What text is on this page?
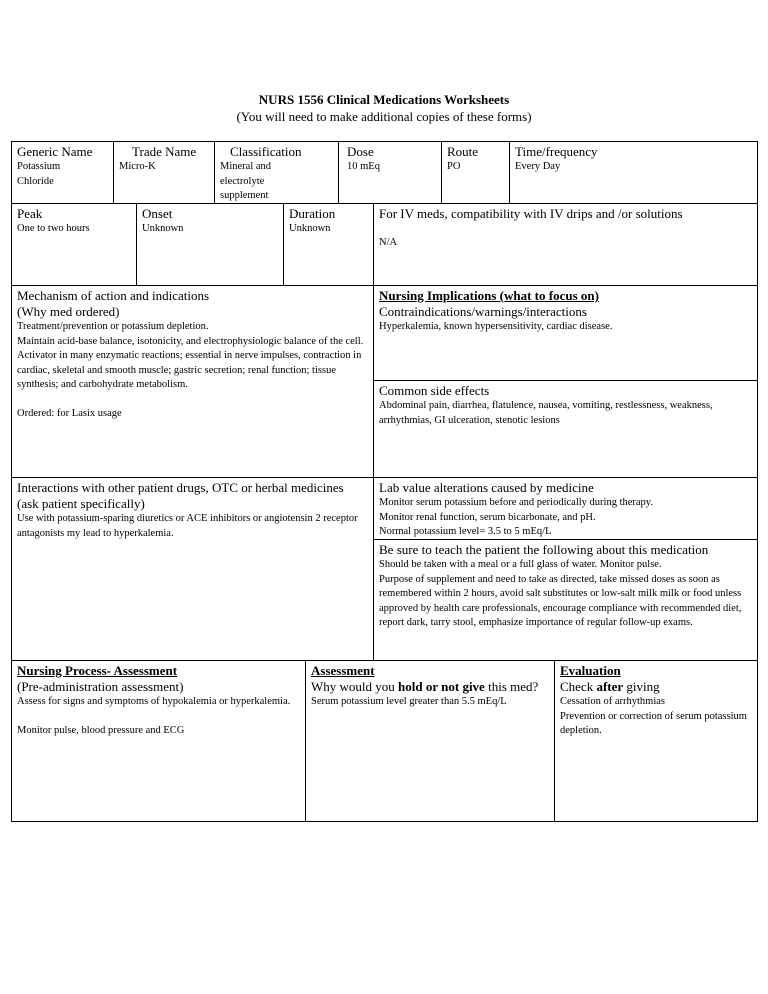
NURS 1556 Clinical Medications Worksheets
(You will need to make additional copies of these forms)
Generic Name
Potassium
Chloride
Trade Name
Micro-K
Classification
Mineral and
electrolyte
supplement
Dose
10 mEq
Route
PO
Time/frequency
Every Day
Peak
One to two hours
Onset
Unknown
Duration
Unknown
For IV meds, compatibility with IV drips and /or solutions
N/A
Mechanism of action and indications
(Why med ordered)
Treatment/prevention or potassium depletion.
Maintain acid-base balance, isotonicity, and electrophysiologic balance of the cell. Activator in many enzymatic reactions; essential in nerve impulses, contraction in cardiac, skeletal and smooth muscle; gastric secretion; renal function; tissue synthesis; and carbohydrate metabolism.
Ordered: for Lasix usage
Nursing Implications (what to focus on)
Contraindications/warnings/interactions
Hyperkalemia, known hypersensitivity, cardiac disease.
Common side effects
Abdominal pain, diarrhea, flatulence, nausea, vomiting, restlessness, weakness, arrhythmias, GI ulceration, stenotic lesions
Interactions with other patient drugs, OTC or herbal medicines (ask patient specifically)
Use with potassium-sparing diuretics or ACE inhibitors or angiotensin 2 receptor antagonists my lead to hyperkalemia.
Lab value alterations caused by medicine
Monitor serum potassium before and periodically during therapy.
Monitor renal function, serum bicarbonate, and pH.
Normal potassium level= 3.5 to 5 mEq/L
Be sure to teach the patient the following about this medication
Should be taken with a meal or a full glass of water. Monitor pulse.
Purpose of supplement and need to take as directed, take missed doses as soon as remembered within 2 hours, avoid salt substitutes or low-salt milk milk or food unless approved by health care professionals, encourage compliance with recommended diet, report dark, tarry stool, emphasize importance of regular follow-up exams.
Nursing Process- Assessment
(Pre-administration assessment)
Assess for signs and symptoms of hypokalemia or hyperkalemia.
Monitor pulse, blood pressure and ECG
Assessment
Why would you hold or not give this med?
Serum potassium level greater than 5.5 mEq/L
Evaluation
Check after giving
Cessation of arrhythmias
Prevention or correction of serum potassium depletion.
